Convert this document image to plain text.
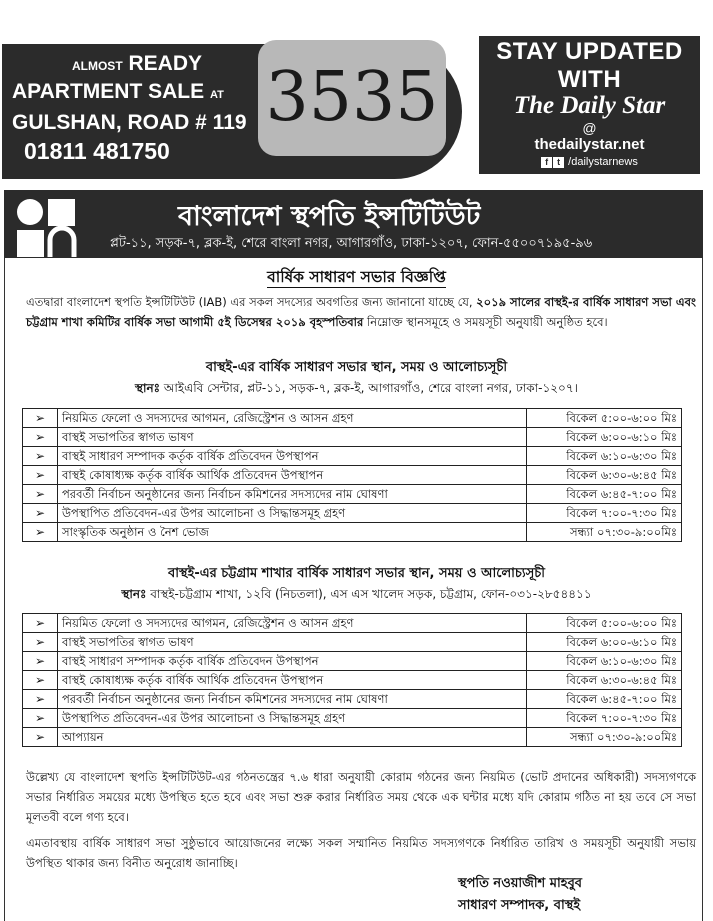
ALMOST READY
APARTMENT SALE AT
GULSHAN, ROAD # 119
01811 481750
3535
STAY UPDATED
WITH
The Daily Star
@
thedailystar.net
f t /dailystarnews
বাংলাদেশ স্থপতি ইন্সটিটিউট
প্লট-১১, সড়ক-৭, ব্লক-ই, শেরে বাংলা নগর, আগারগাঁও, ঢাকা-১২০৭, ফোন-৫৫০০৭১৯৫-৯৬
বার্ষিক সাধারণ সভার বিজ্ঞপ্তি
এতদ্বারা বাংলাদেশ স্থপতি ইন্সটিটিউট (IAB) এর সকল সদস্যের অবগতির জন্য জানানো যাচ্ছে যে, ২০১৯ সালের বাস্থই-র বার্ষিক সাধারণ সভা এবং চট্টগ্রাম শাখা কমিটির বার্ষিক সভা আগামী ৫ই ডিসেম্বর ২০১৯ বৃহস্পতিবার নিম্নোক্ত স্থানসমূহে ও সময়সূচী অনুযায়ী অনুষ্ঠিত হবে।
বাস্থই-এর বার্ষিক সাধারণ সভার স্থান, সময় ও আলোচ্যসূচী
স্থানঃ আইএবি সেন্টার, প্লট-১১, সড়ক-৭, ব্লক-ই, আগারগাঁও, শেরে বাংলা নগর, ঢাকা-১২০৭।
➢	নিয়মিত ফেলো ও সদস্যদের আগমন, রেজিস্ট্রেশন ও আসন গ্রহণ	বিকেল ৫:০০-৬:০০ মিঃ
➢	বাস্থই সভাপতির স্বাগত ভাষণ	বিকেল ৬:০০-৬:১০ মিঃ
➢	বাস্থই সাধারণ সম্পাদক কর্তৃক বার্ষিক প্রতিবেদন উপস্থাপন	বিকেল ৬:১০-৬:৩০ মিঃ
➢	বাস্থই কোষাধ্যক্ষ কর্তৃক বার্ষিক আর্থিক প্রতিবেদন উপস্থাপন	বিকেল ৬:৩০-৬:৪৫ মিঃ
➢	পরবর্তী নির্বাচন অনুষ্ঠানের জন্য নির্বাচন কমিশনের সদস্যদের নাম ঘোষণা	বিকেল ৬:৪৫-৭:০০ মিঃ
➢	উপস্থাপিত প্রতিবেদন-এর উপর আলোচনা ও সিদ্ধান্তসমূহ গ্রহণ	বিকেল ৭:০০-৭:৩০ মিঃ
➢	সাংস্কৃতিক অনুষ্ঠান ও নৈশ ভোজ	সন্ধ্যা ০৭:৩০-৯:০০মিঃ
বাস্থই-এর চট্টগ্রাম শাখার বার্ষিক সাধারণ সভার স্থান, সময় ও আলোচ্যসূচী
স্থানঃ বাস্থই-চট্টগ্রাম শাখা, ১২বি (নিচতলা), এস এস খালেদ সড়ক, চট্টগ্রাম, ফোন-০৩১-২৮৫৪৪১১
➢	নিয়মিত ফেলো ও সদস্যদের আগমন, রেজিস্ট্রেশন ও আসন গ্রহণ	বিকেল ৫:০০-৬:০০ মিঃ
➢	বাস্থই সভাপতির স্বাগত ভাষণ	বিকেল ৬:০০-৬:১০ মিঃ
➢	বাস্থই সাধারণ সম্পাদক কর্তৃক বার্ষিক প্রতিবেদন উপস্থাপন	বিকেল ৬:১০-৬:৩০ মিঃ
➢	বাস্থই কোষাধ্যক্ষ কর্তৃক বার্ষিক আর্থিক প্রতিবেদন উপস্থাপন	বিকেল ৬:৩০-৬:৪৫ মিঃ
➢	পরবর্তী নির্বাচন অনুষ্ঠানের জন্য নির্বাচন কমিশনের সদস্যদের নাম ঘোষণা	বিকেল ৬:৪৫-৭:০০ মিঃ
➢	উপস্থাপিত প্রতিবেদন-এর উপর আলোচনা ও সিদ্ধান্তসমূহ গ্রহণ	বিকেল ৭:০০-৭:৩০ মিঃ
➢	আপ্যায়ন	সন্ধ্যা ০৭:৩০-৯:০০মিঃ
উল্লেখ্য যে বাংলাদেশ স্থপতি ইন্সটিটিউট-এর গঠনতন্ত্রের ৭.৬ ধারা অনুযায়ী কোরাম গঠনের জন্য নিয়মিত (ভোট প্রদানের অধিকারী) সদস্যগণকে সভার নির্ধারিত সময়ের মধ্যে উপস্থিত হতে হবে এবং সভা শুরু করার নির্ধারিত সময় থেকে এক ঘন্টার মধ্যে যদি কোরাম গঠিত না হয় তবে সে সভা মূলতবী বলে গণ্য হবে।
এমতাবস্থায় বার্ষিক সাধারণ সভা সুষ্ঠুভাবে আয়োজনের লক্ষ্যে সকল সম্মানিত নিয়মিত সদস্যগণকে নির্ধারিত তারিখ ও সময়সূচী অনুযায়ী সভায় উপস্থিত থাকার জন্য বিনীত অনুরোধ জানাচ্ছি।
স্থপতি নওয়াজীশ মাহবুব
সাধারণ সম্পাদক, বাস্থই
